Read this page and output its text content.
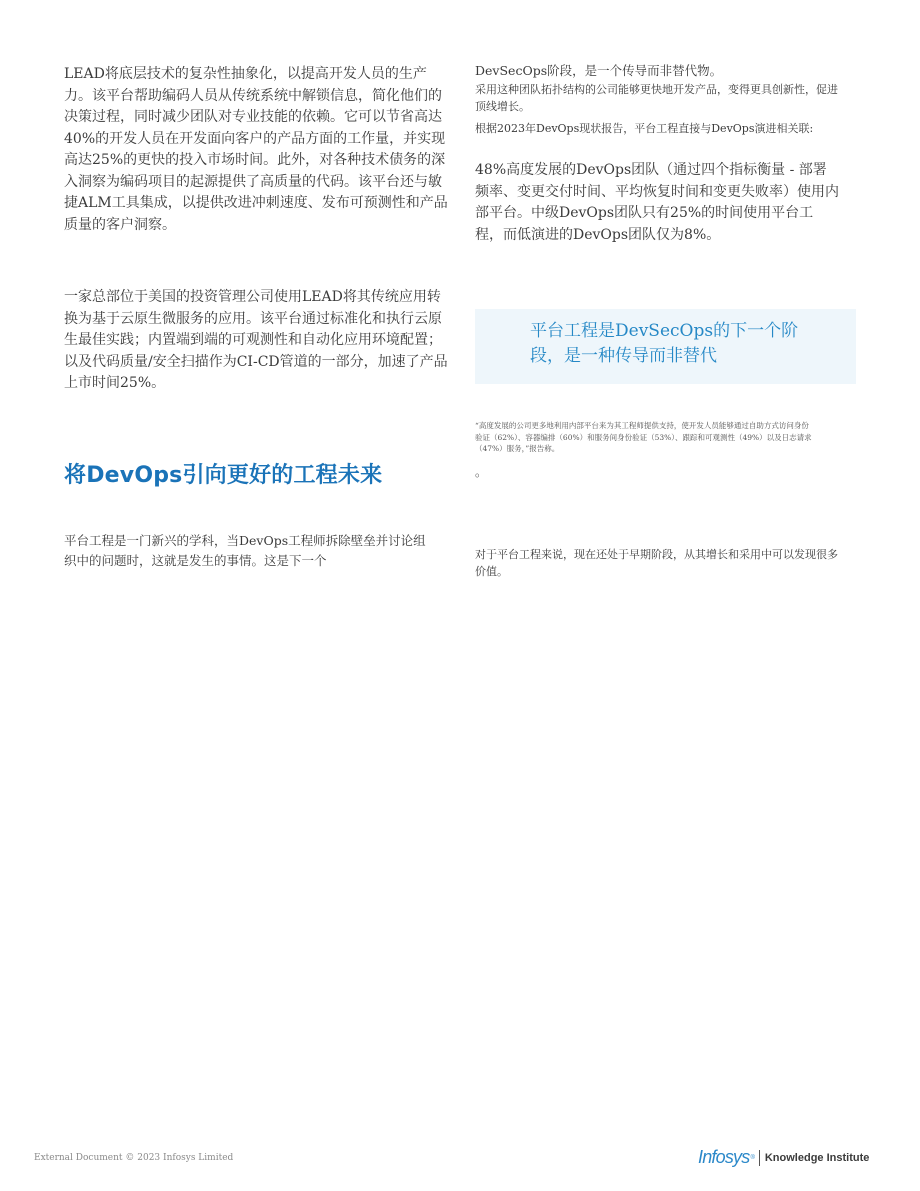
LEAD将底层技术的复杂性抽象化，以提高开发人员的生产力。该平台帮助编码人员从传统系统中解锁信息，简化他们的决策过程，同时减少团队对专业技能的依赖。它可以节省高达40%的开发人员在开发面向客户的产品方面的工作量，并实现高达25%的更快的投入市场时间。此外，对各种技术债务的深入洞察为编码项目的起源提供了高质量的代码。该平台还与敏捷ALM工具集成，以提供改进冲刺速度、发布可预测性和产品质量的客户洞察。

一家总部位于美国的投资管理公司使用LEAD将其传统应用转换为基于云原生微服务的应用。该平台通过标准化和执行云原生最佳实践；内置端到端的可观测性和自动化应用环境配置；以及代码质量/安全扫描作为CI-CD管道的一部分，加速了产品上市时间25%。

将DevOps引向更好的工程未来

平台工程是一门新兴的学科，当DevOps工程师拆除壁垒并讨论组织中的问题时，这就是发生的事情。这是下一个

DevSecOps阶段，是一个传导而非替代物。

采用这种团队拓扑结构的公司能够更快地开发产品，变得更具创新性，促进顶线增长。

根据2023年DevOps现状报告，平台工程直接与DevOps演进相关联:

48%高度发展的DevOps团队（通过四个指标衡量 - 部署频率、变更交付时间、平均恢复时间和变更失败率）使用内部平台。中级DevOps团队只有25%的时间使用平台工程，而低演进的DevOps团队仅为8%。

平台工程是DevSecOps的下一个阶段，是一种传导而非替代

“高度发展的公司更多地利用内部平台来为其工程师提供支持，使开发人员能够通过自助方式访问身份验证（62%）、容器编排（60%）和服务间身份验证（53%）、跟踪和可观测性（49%）以及日志请求（47%）服务，”报告称。

。

对于平台工程来说，现在还处于早期阶段，从其增长和采用中可以发现很多价值。

External Document © 2023 Infosys Limited	Infosys ® Knowledge Institute
